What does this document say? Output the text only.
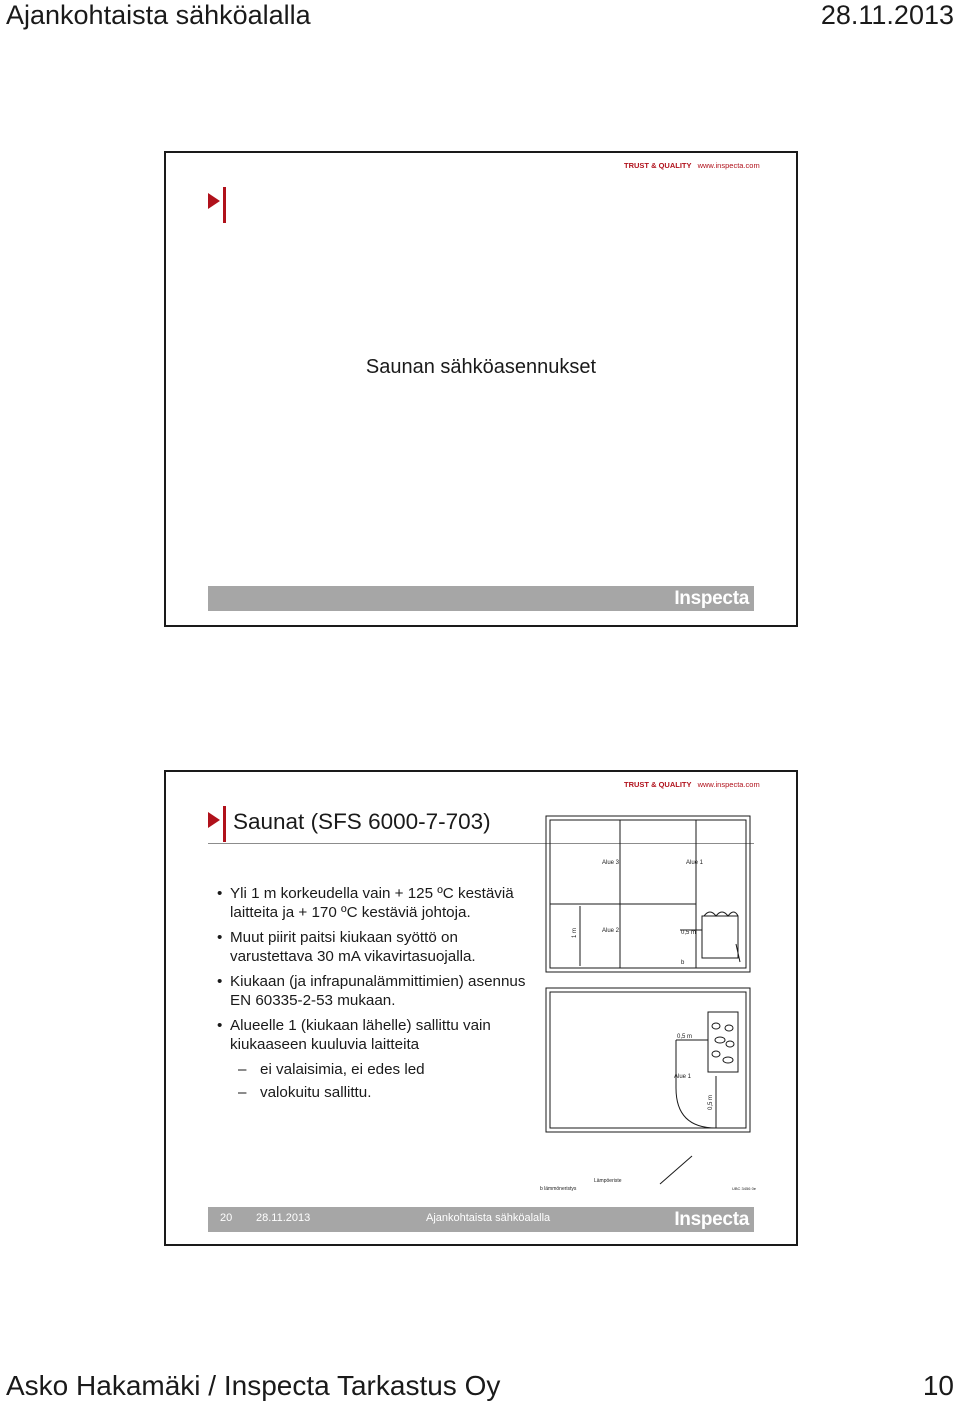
Ajankohtaista sähköalalla	28.11.2013
TRUST & QUALITY www.inspecta.com
Saunan sähköasennukset
Inspecta
TRUST & QUALITY www.inspecta.com
Saunat (SFS 6000-7-703)
• Yli 1 m korkeudella vain + 125 ºC kestäviä laitteita ja + 170 ºC kestäviä johtoja.
• Muut piirit paitsi kiukaan syöttö on varustettava 30 mA vikavirtasuojalla.
• Kiukaan (ja infrapunalämmittimien) asennus EN 60335-2-53 mukaan.
• Alueelle 1 (kiukaan lähelle) sallittu vain kiukaaseen kuuluvia laitteita
– ei valaisimia, ei edes led
– valokuitu sallittu.
Alue 3	Alue 1
Alue 2
1 m	0,5 m
b
0,5 m
Alue 1
0,5 m
b lämmöneristys
Lämpöeriste
UBC 3456 0e
20 28.11.2013	Ajankohtaista sähköalalla	Inspecta
Asko Hakamäki / Inspecta Tarkastus Oy	10
